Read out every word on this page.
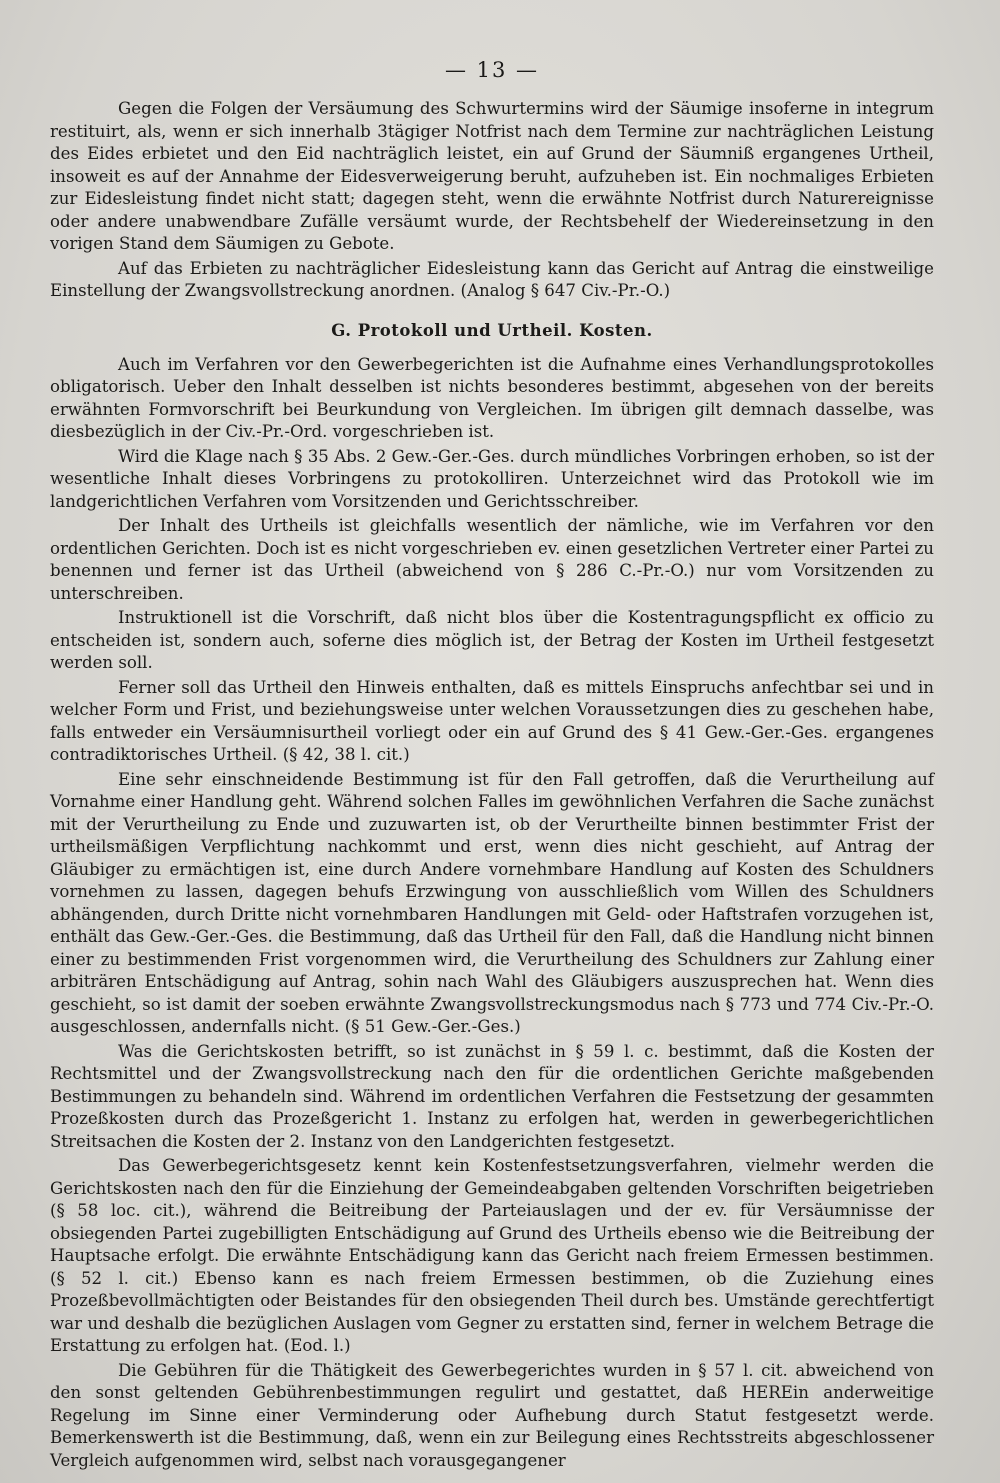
— 13 —

Gegen die Folgen der Versäumung des Schwurtermins wird der Säumige insoferne in integrum restituirt, als, wenn er sich innerhalb 3tägiger Notfrist nach dem Termine zur nachträglichen Leistung des Eides erbietet und den Eid nachträglich leistet, ein auf Grund der Säumniß ergangenes Urtheil, insoweit es auf der Annahme der Eidesverweigerung beruht, aufzuheben ist. Ein nochmaliges Erbieten zur Eidesleistung findet nicht statt; dagegen steht, wenn die erwähnte Notfrist durch Naturereignisse oder andere unabwendbare Zufälle versäumt wurde, der Rechtsbehelf der Wiedereinsetzung in den vorigen Stand dem Säumigen zu Gebote.

Auf das Erbieten zu nachträglicher Eidesleistung kann das Gericht auf Antrag die einstweilige Einstellung der Zwangsvollstreckung anordnen. (Analog § 647 Civ.-Pr.-O.)

G. Protokoll und Urtheil. Kosten.

Auch im Verfahren vor den Gewerbegerichten ist die Aufnahme eines Verhandlungsprotokolles obligatorisch. Ueber den Inhalt desselben ist nichts besonderes bestimmt, abgesehen von der bereits erwähnten Formvorschrift bei Beurkundung von Vergleichen. Im übrigen gilt demnach dasselbe, was diesbezüglich in der Civ.-Pr.-Ord. vorgeschrieben ist.

Wird die Klage nach § 35 Abs. 2 Gew.-Ger.-Ges. durch mündliches Vorbringen erhoben, so ist der wesentliche Inhalt dieses Vorbringens zu protokolliren. Unterzeichnet wird das Protokoll wie im landgerichtlichen Verfahren vom Vorsitzenden und Gerichtsschreiber.

Der Inhalt des Urtheils ist gleichfalls wesentlich der nämliche, wie im Verfahren vor den ordentlichen Gerichten. Doch ist es nicht vorgeschrieben ev. einen gesetzlichen Vertreter einer Partei zu benennen und ferner ist das Urtheil (abweichend von § 286 C.-Pr.-O.) nur vom Vorsitzenden zu unterschreiben.

Instruktionell ist die Vorschrift, daß nicht blos über die Kostentragungspflicht ex officio zu entscheiden ist, sondern auch, soferne dies möglich ist, der Betrag der Kosten im Urtheil festgesetzt werden soll.

Ferner soll das Urtheil den Hinweis enthalten, daß es mittels Einspruchs anfechtbar sei und in welcher Form und Frist, und beziehungsweise unter welchen Voraussetzungen dies zu geschehen habe, falls entweder ein Versäumnisurtheil vorliegt oder ein auf Grund des § 41 Gew.-Ger.-Ges. ergangenes contradiktorisches Urtheil. (§ 42, 38 l. cit.)

Eine sehr einschneidende Bestimmung ist für den Fall getroffen, daß die Verurtheilung auf Vornahme einer Handlung geht. Während solchen Falles im gewöhnlichen Verfahren die Sache zunächst mit der Verurtheilung zu Ende und zuzuwarten ist, ob der Verurtheilte binnen bestimmter Frist der urtheilsmäßigen Verpflichtung nachkommt und erst, wenn dies nicht geschieht, auf Antrag der Gläubiger zu ermächtigen ist, eine durch Andere vornehmbare Handlung auf Kosten des Schuldners vornehmen zu lassen, dagegen behufs Erzwingung von ausschließlich vom Willen des Schuldners abhängenden, durch Dritte nicht vornehmbaren Handlungen mit Geld- oder Haftstrafen vorzugehen ist, enthält das Gew.-Ger.-Ges. die Bestimmung, daß das Urtheil für den Fall, daß die Handlung nicht binnen einer zu bestimmenden Frist vorgenommen wird, die Verurtheilung des Schuldners zur Zahlung einer arbiträren Entschädigung auf Antrag, sohin nach Wahl des Gläubigers auszusprechen hat. Wenn dies geschieht, so ist damit der soeben erwähnte Zwangsvollstreckungsmodus nach § 773 und 774 Civ.-Pr.-O. ausgeschlossen, andernfalls nicht. (§ 51 Gew.-Ger.-Ges.)

Was die Gerichtskosten betrifft, so ist zunächst in § 59 l. c. bestimmt, daß die Kosten der Rechtsmittel und der Zwangsvollstreckung nach den für die ordentlichen Gerichte maßgebenden Bestimmungen zu behandeln sind. Während im ordentlichen Verfahren die Festsetzung der gesammten Prozeßkosten durch das Prozeßgericht 1. Instanz zu erfolgen hat, werden in gewerbegerichtlichen Streitsachen die Kosten der 2. Instanz von den Landgerichten festgesetzt.

Das Gewerbegerichtsgesetz kennt kein Kostenfestsetzungsverfahren, vielmehr werden die Gerichtskosten nach den für die Einziehung der Gemeindeabgaben geltenden Vorschriften beigetrieben (§ 58 loc. cit.), während die Beitreibung der Parteiauslagen und der ev. für Versäumnisse der obsiegenden Partei zugebilligten Entschädigung auf Grund des Urtheils ebenso wie die Beitreibung der Hauptsache erfolgt. Die erwähnte Entschädigung kann das Gericht nach freiem Ermessen bestimmen. (§ 52 l. cit.) Ebenso kann es nach freiem Ermessen bestimmen, ob die Zuziehung eines Prozeßbevollmächtigten oder Beistandes für den obsiegenden Theil durch bes. Umstände gerechtfertigt war und deshalb die bezüglichen Auslagen vom Gegner zu erstatten sind, ferner in welchem Betrage die Erstattung zu erfolgen hat. (Eod. l.)

Die Gebühren für die Thätigkeit des Gewerbegerichtes wurden in § 57 l. cit. abweichend von den sonst geltenden Gebührenbestimmungen regulirt und gestattet, daß HEREin anderweitige Regelung im Sinne einer Verminderung oder Aufhebung durch Statut festgesetzt werde. Bemerkenswerth ist die Bestimmung, daß, wenn ein zur Beilegung eines Rechtsstreits abgeschlossener Vergleich aufgenommen wird, selbst nach vorausgegangener
